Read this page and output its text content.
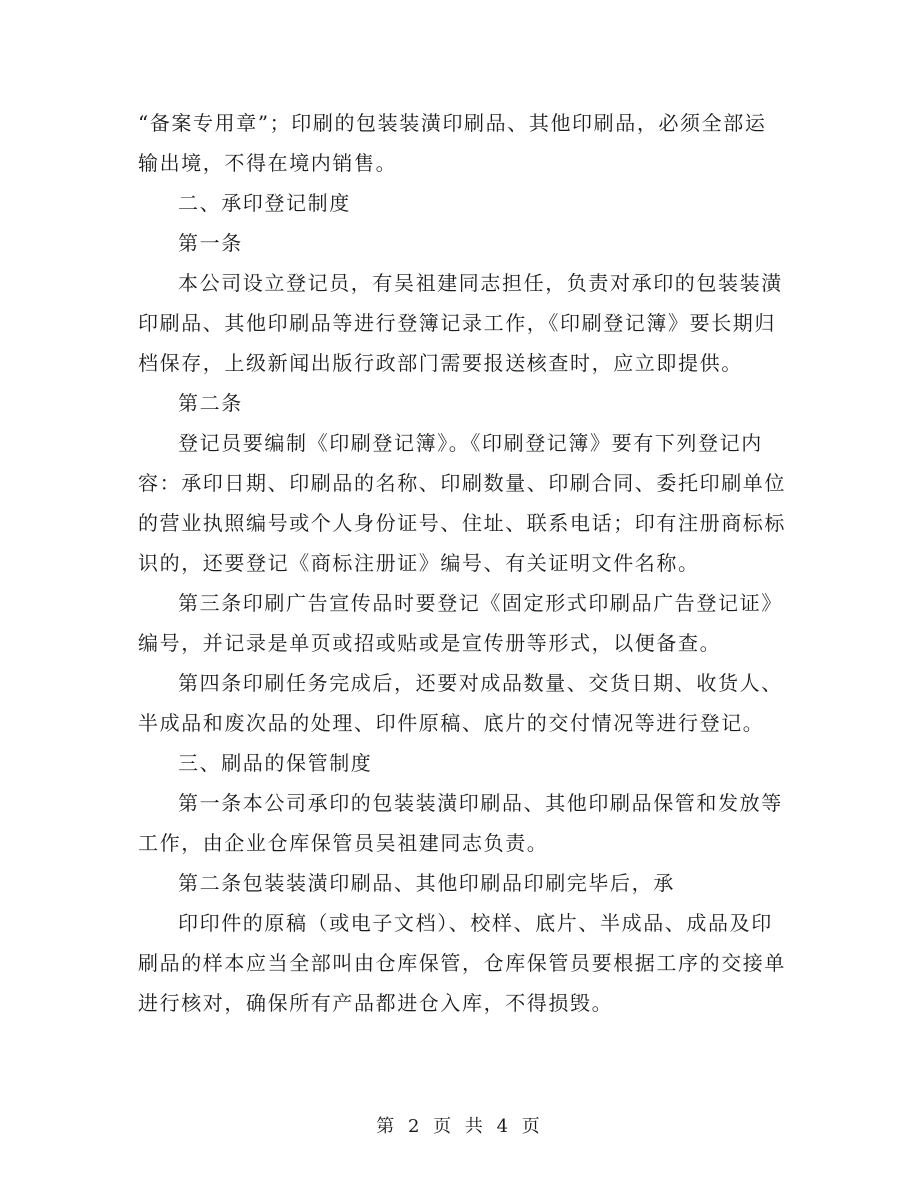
“备案专用章”；印刷的包装装潢印刷品、其他印刷品，必须全部运
输出境，不得在境内销售。
二、承印登记制度
第一条
本公司设立登记员，有吴祖建同志担任，负责对承印的包装装潢
印刷品、其他印刷品等进行登簿记录工作，《印刷登记簿》要长期归
档保存，上级新闻出版行政部门需要报送核查时，应立即提供。
第二条
登记员要编制《印刷登记簿》。《印刷登记簿》要有下列登记内
容：承印日期、印刷品的名称、印刷数量、印刷合同、委托印刷单位
的营业执照编号或个人身份证号、住址、联系电话；印有注册商标标
识的，还要登记《商标注册证》编号、有关证明文件名称。
第三条印刷广告宣传品时要登记《固定形式印刷品广告登记证》
编号，并记录是单页或招或贴或是宣传册等形式，以便备查。
第四条印刷任务完成后，还要对成品数量、交货日期、收货人、
半成品和废次品的处理、印件原稿、底片的交付情况等进行登记。
三、刷品的保管制度
第一条本公司承印的包装装潢印刷品、其他印刷品保管和发放等
工作，由企业仓库保管员吴祖建同志负责。
第二条包装装潢印刷品、其他印刷品印刷完毕后，承
印印件的原稿（或电子文档）、校样、底片、半成品、成品及印
刷品的样本应当全部叫由仓库保管，仓库保管员要根据工序的交接单
进行核对，确保所有产品都进仓入库，不得损毁。
第 2 页 共 4 页
